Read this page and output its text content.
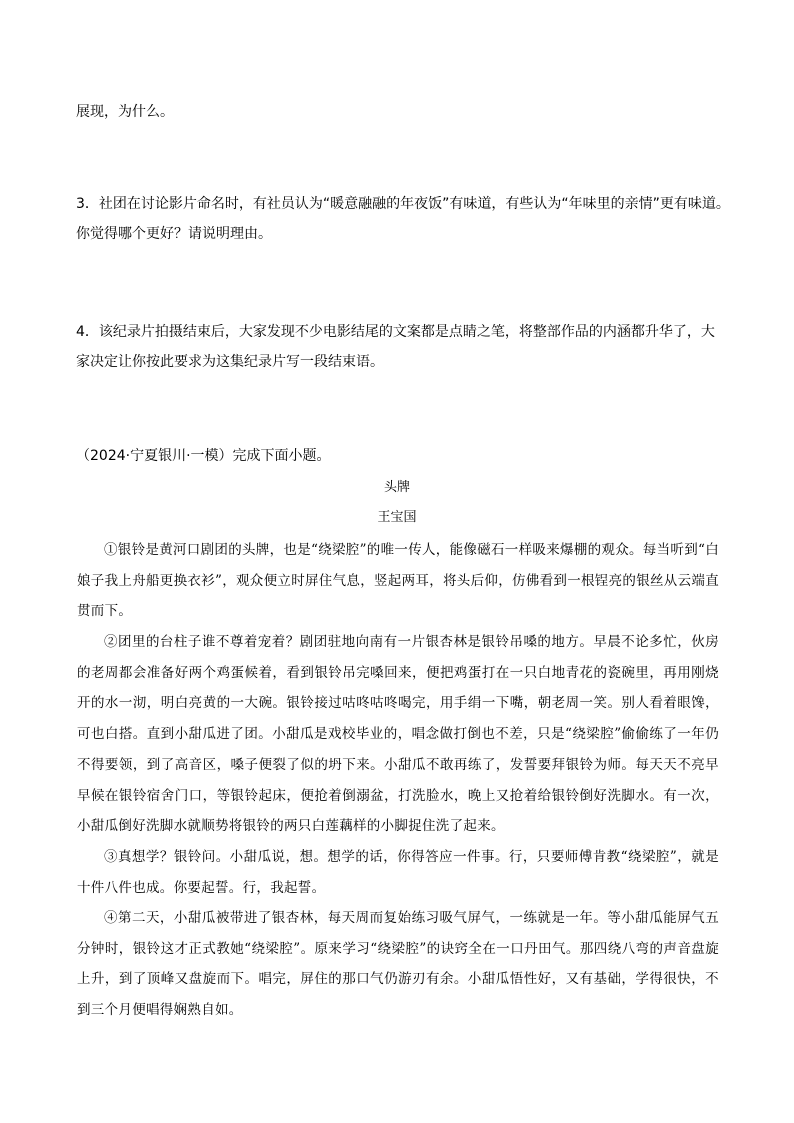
展现，为什么。
3．社团在讨论影片命名时，有社员认为“暖意融融的年夜饭”有味道，有些认为“年味里的亲情”更有味道。
你觉得哪个更好？请说明理由。
4．该纪录片拍摄结束后，大家发现不少电影结尾的文案都是点睛之笔，将整部作品的内涵都升华了，大
家决定让你按此要求为这集纪录片写一段结束语。
（2024·宁夏银川·一模）完成下面小题。
头牌
王宝国
①银铃是黄河口剧团的头牌，也是“绕梁腔”的唯一传人，能像磁石一样吸来爆棚的观众。每当听到“白娘子我上舟船更换衣衫”，观众便立时屏住气息，竖起两耳，将头后仰，仿佛看到一根锃亮的银丝从云端直贯而下。
②团里的台柱子谁不尊着宠着？剧团驻地向南有一片银杏林是银铃吊嗓的地方。早晨不论多忙，伙房的老周都会准备好两个鸡蛋候着，看到银铃吊完嗓回来，便把鸡蛋打在一只白地青花的瓷碗里，再用刚烧开的水一沏，明白亮黄的一大碗。银铃接过咕咚咕咚喝完，用手绢一下嘴，朝老周一笑。别人看着眼馋，可也白搭。直到小甜瓜进了团。小甜瓜是戏校毕业的，唱念做打倒也不差，只是“绕梁腔”偷偷练了一年仍不得要领，到了高音区，嗓子便裂了似的坍下来。小甜瓜不敢再练了，发誓要拜银铃为师。每天天不亮早早候在银铃宿舍门口，等银铃起床，便抢着倒溺盆，打洗脸水，晚上又抢着给银铃倒好洗脚水。有一次，小甜瓜倒好洗脚水就顺势将银铃的两只白莲藕样的小脚捉住洗了起来。
③真想学？银铃问。小甜瓜说，想。想学的话，你得答应一件事。行，只要师傅肯教“绕梁腔”，就是十件八件也成。你要起誓。行，我起誓。
④第二天，小甜瓜被带进了银杏林，每天周而复始练习吸气屏气，一练就是一年。等小甜瓜能屏气五分钟时，银铃这才正式教她“绕梁腔”。原来学习“绕梁腔”的诀窍全在一口丹田气。那四绕八弯的声音盘旋上升，到了顶峰又盘旋而下。唱完，屏住的那口气仍游刃有余。小甜瓜悟性好，又有基础，学得很快，不到三个月便唱得娴熟自如。
